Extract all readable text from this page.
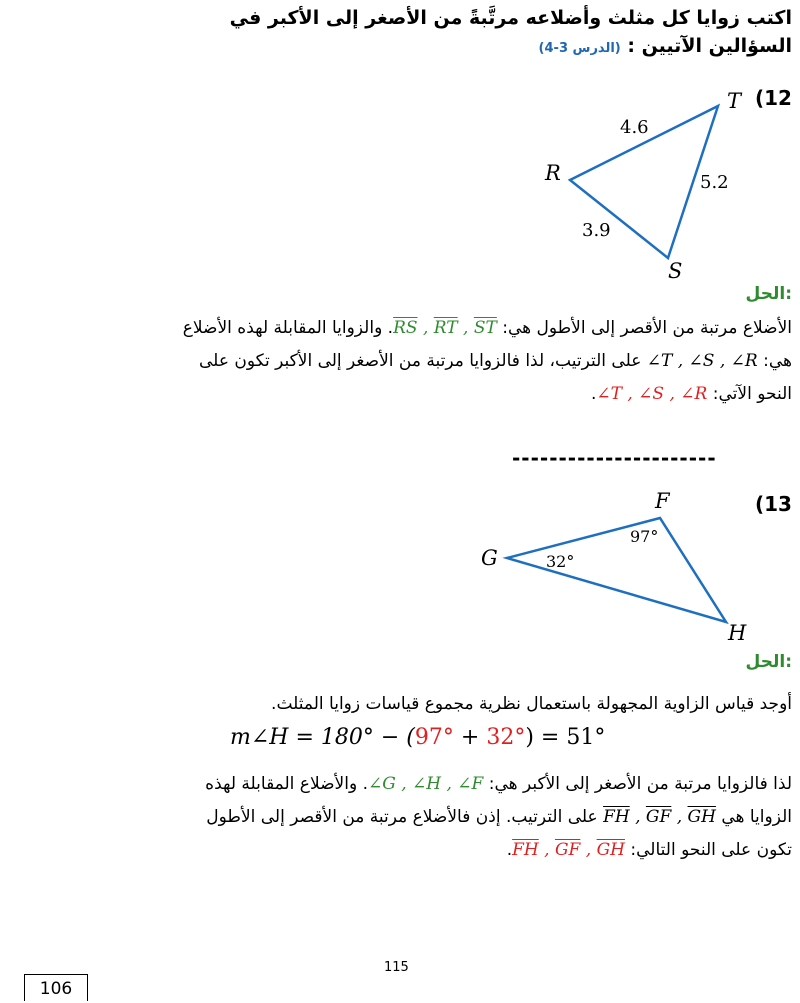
اكتب زوايا كل مثلث وأضلاعه مرتَّبةً من الأصغر إلى الأكبر في
السؤالين الآتيين : (الدرس 3-4)
(12
T
R
S
4.6
5.2
3.9
F
G
H
97°
32°
الحل:
الأضلاع مرتبة من الأقصر إلى الأطول هي: $\overline{RS}$ , $\overline{RT}$ , $\overline{ST}$. والزوايا المقابلة لهذه الأضلاع
هي: ∠T , ∠S , ∠R على الترتيب، لذا فالزوايا مرتبة من الأصغر إلى الأكبر تكون على
النحو الآتي: ∠T , ∠S , ∠R.
----------------------
(13
الحل:
أوجد قياس الزاوية المجهولة باستعمال نظرية مجموع قياسات زوايا المثلث.
m∠H = 180° − (97° + 32°) = 51°
لذا فالزوايا مرتبة من الأصغر إلى الأكبر هي: ∠G , ∠H , ∠F. والأضلاع المقابلة لهذه
الزوايا هي $\overline{FH}$ , $\overline{GF}$ , $\overline{GH}$ على الترتيب. إذن فالأضلاع مرتبة من الأقصر إلى الأطول
تكون على النحو التالي: $\overline{FH}$ , $\overline{GF}$ , $\overline{GH}$.
115
106
